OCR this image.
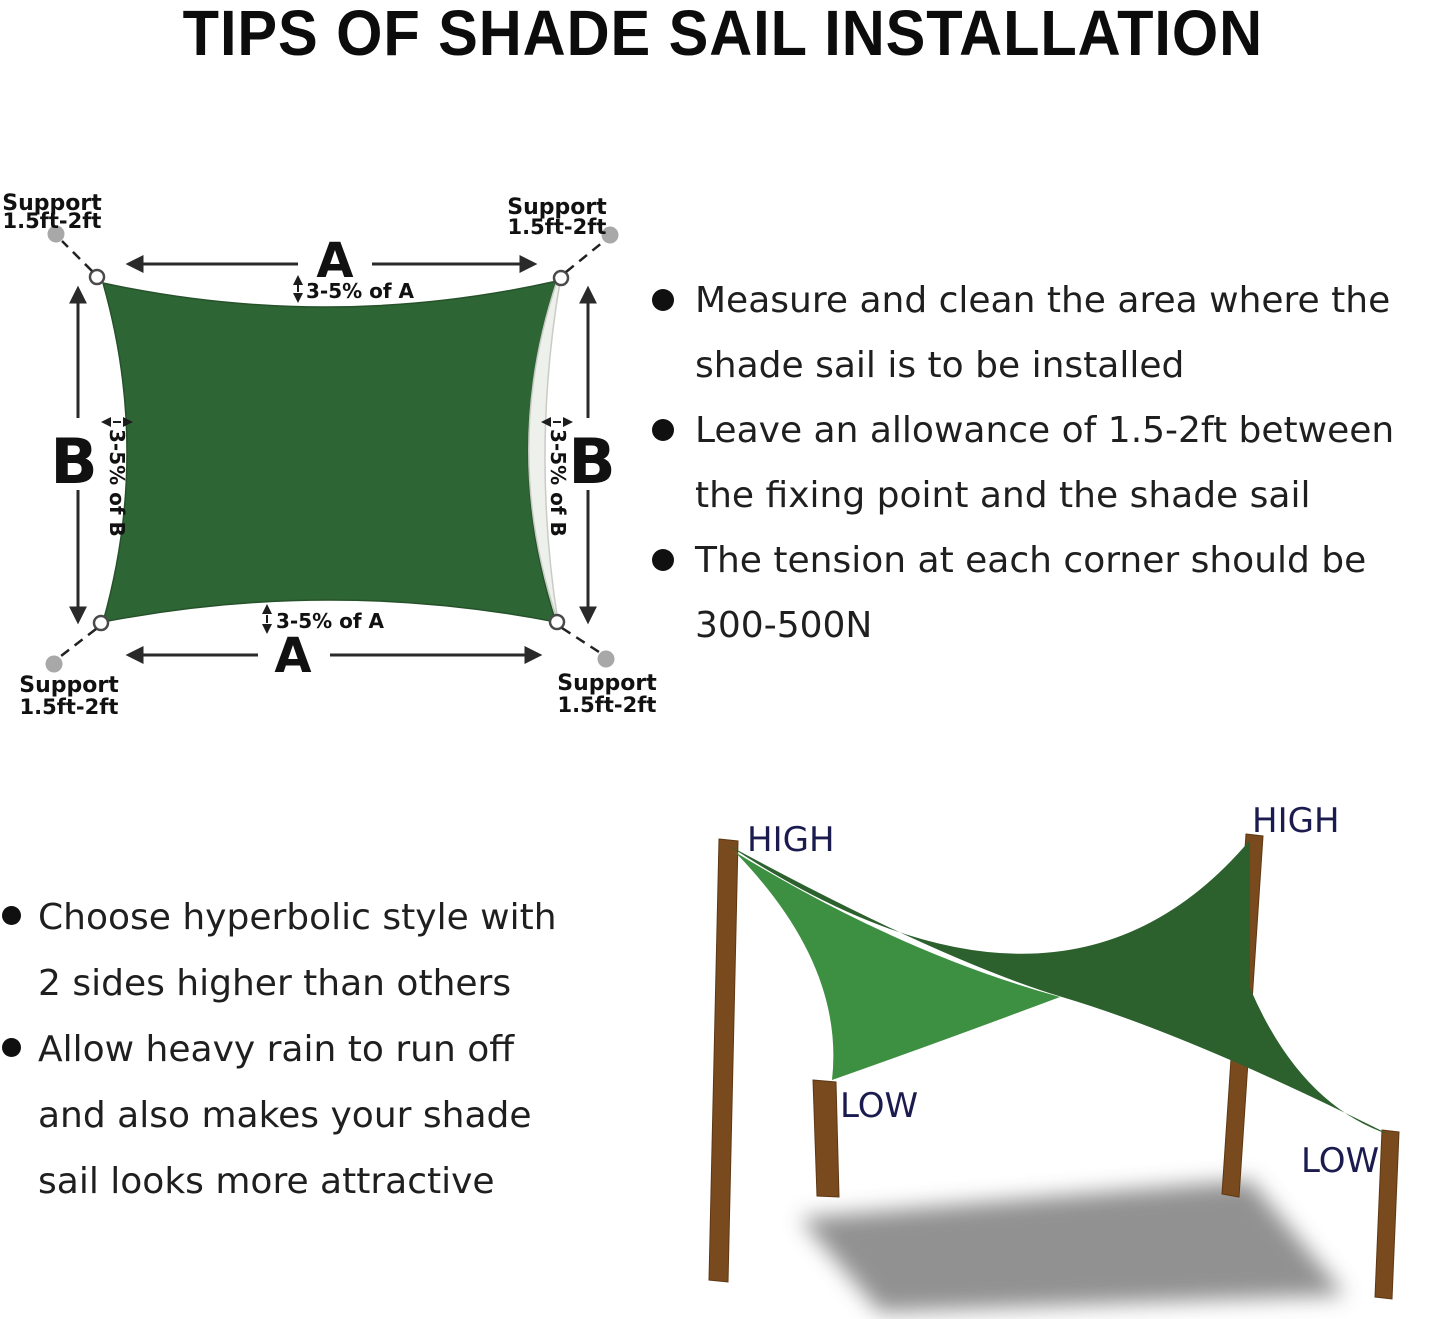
TIPS OF SHADE SAIL INSTALLATION
Support
1.5ft-2ft
Support
1.5ft-2ft
Support
1.5ft-2ft
Support
1.5ft-2ft
A
3-5% of A
A
3-5% of A
B 3-5% of B	B
3-5% of B
Measure and clean the area where the
shade sail is to be installed
Leave an allowance of 1.5-2ft between
the fixing point and the shade sail
The tension at each corner should be
300-500N
Choose hyperbolic style with
2 sides higher than others
Allow heavy rain to run off
and also makes your shade
sail looks more attractive
HIGH	HIGH
LOW
LOW
